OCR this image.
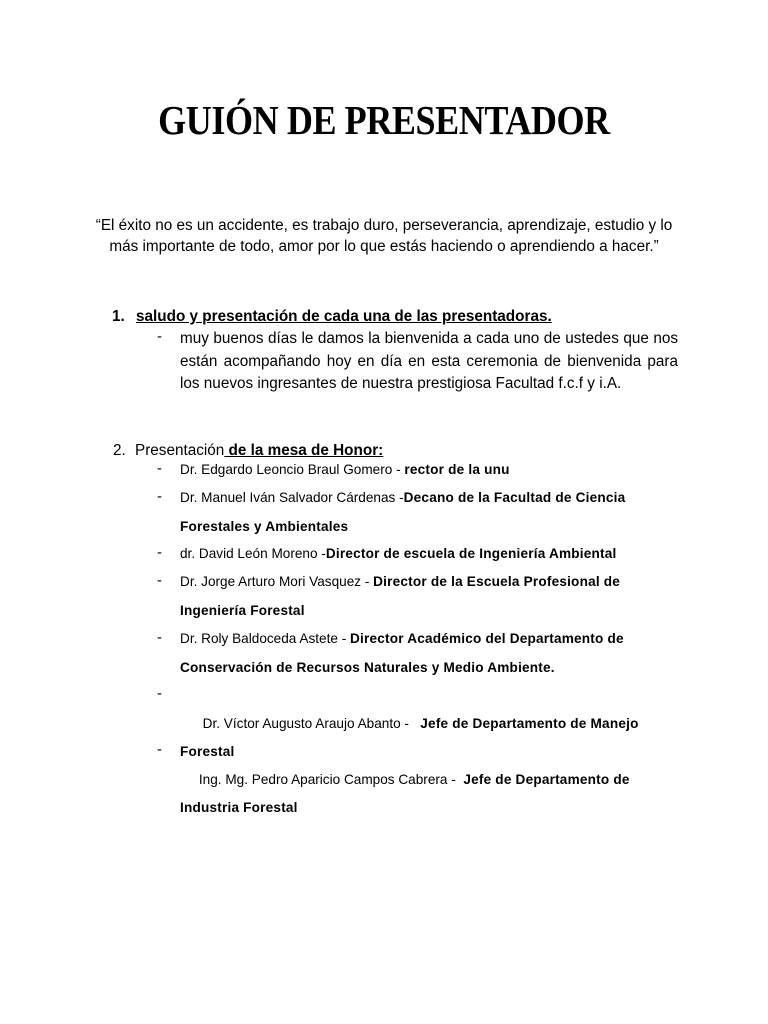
GUIÓN DE PRESENTADOR

“El éxito no es un accidente, es trabajo duro, perseverancia, aprendizaje, estudio y lo más importante de todo, amor por lo que estás haciendo o aprendiendo a hacer.”

1. saludo y presentación de cada una de las presentadoras.
- muy buenos días le damos la bienvenida a cada uno de ustedes que nos están acompañando hoy en día en esta ceremonia de bienvenida para los nuevos ingresantes de nuestra prestigiosa Facultad f.c.f y i.A.

2. Presentación de la mesa de Honor:
- Dr. Edgardo Leoncio Braul Gomero - rector de la unu

- Dr. Manuel Iván Salvador Cárdenas -Decano de la Facultad de Ciencia Forestales y Ambientales

- dr. David León Moreno -Director de escuela de Ingeniería Ambiental

- Dr. Jorge Arturo Mori Vasquez - Director de la Escuela Profesional de Ingeniería Forestal

- Dr. Roly Baldoceda Astete - Director Académico del Departamento de Conservación de Recursos Naturales y Medio Ambiente.

-

Dr. Víctor Augusto Araujo Abanto -   Jefe de Departamento de Manejo Forestal

-

Ing. Mg. Pedro Aparicio Campos Cabrera -  Jefe de Departamento de Industria Forestal
